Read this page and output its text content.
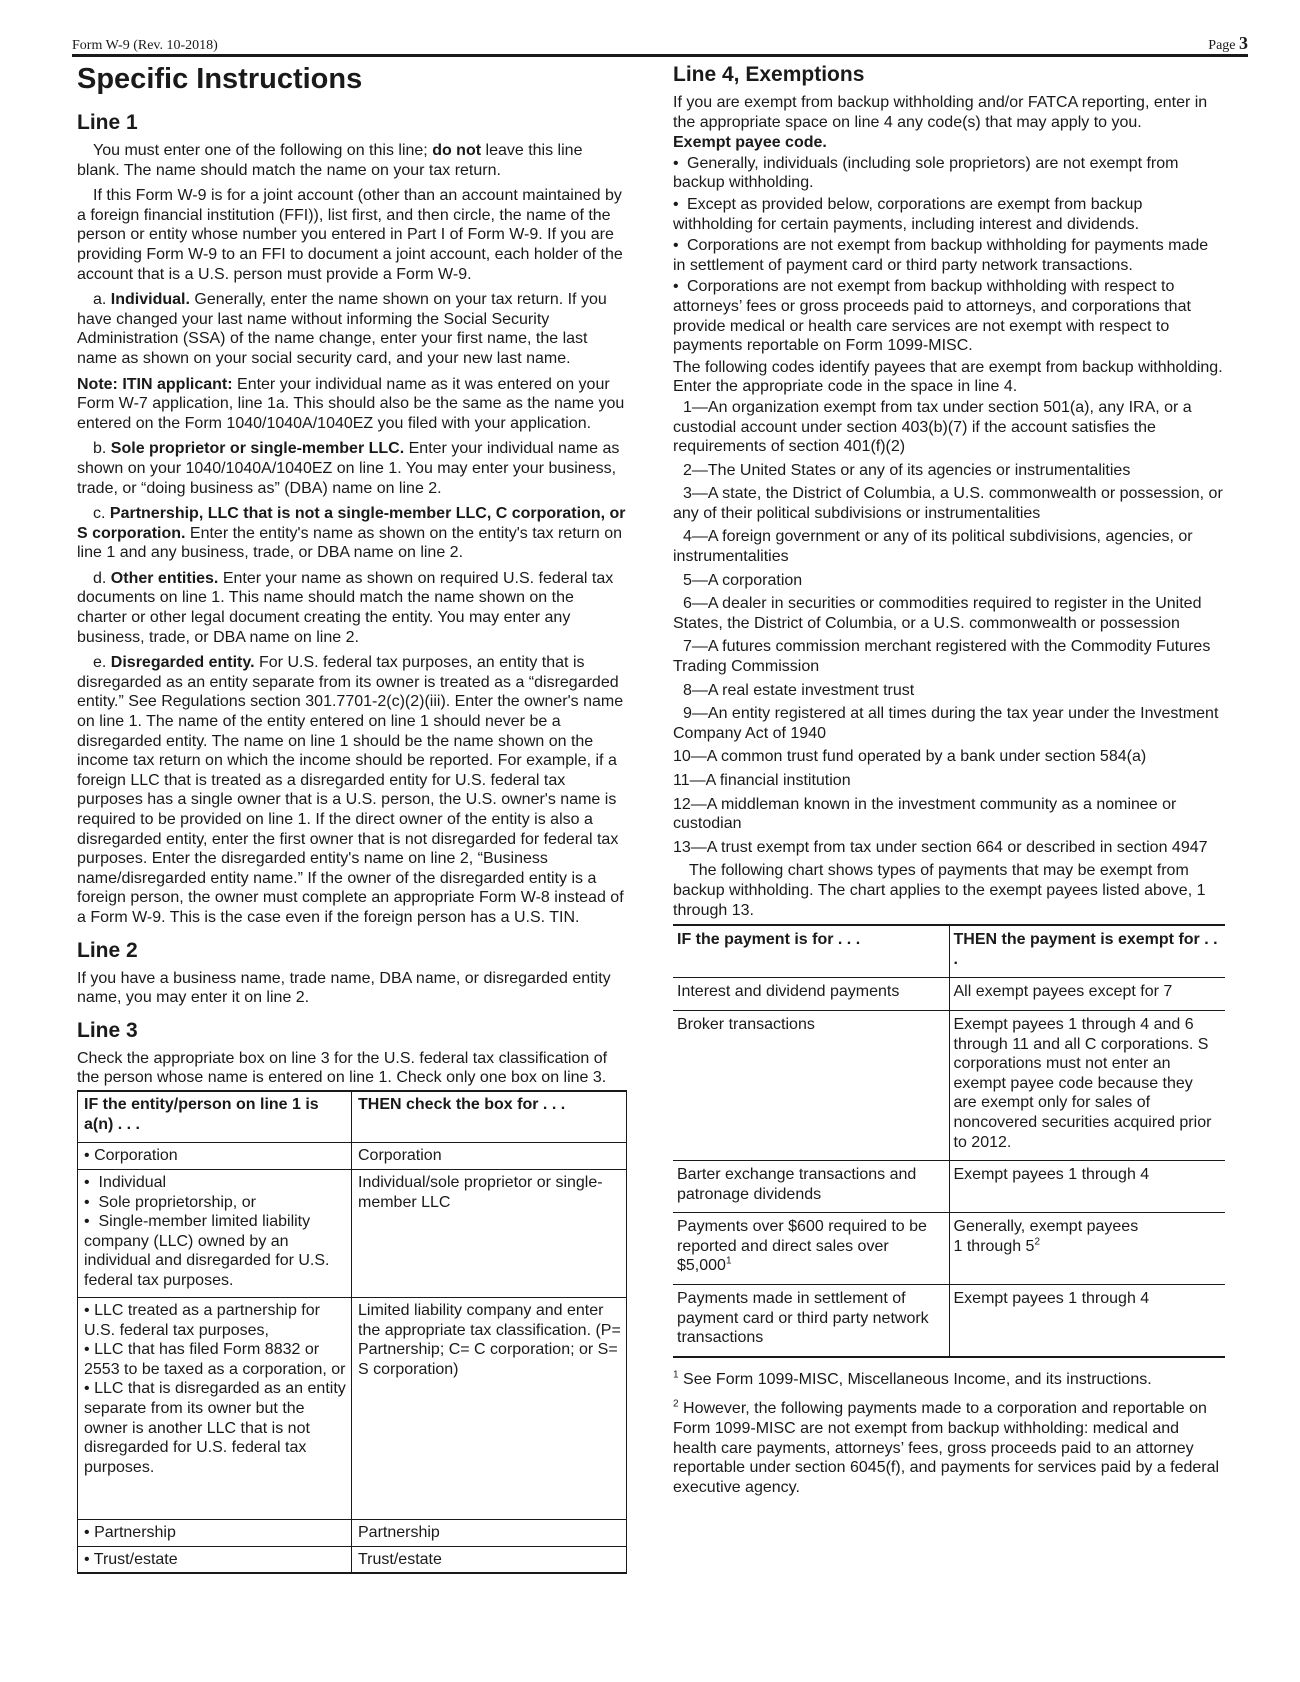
Form W-9 (Rev. 10-2018)	Page 3
Specific Instructions
Line 1

You must enter one of the following on this line; do not leave this line blank. The name should match the name on your tax return.

If this Form W-9 is for a joint account (other than an account maintained by a foreign financial institution (FFI)), list first, and then circle, the name of the person or entity whose number you entered in Part I of Form W-9. If you are providing Form W-9 to an FFI to document a joint account, each holder of the account that is a U.S. person must provide a Form W-9.

a. Individual. Generally, enter the name shown on your tax return. If you have changed your last name without informing the Social Security Administration (SSA) of the name change, enter your first name, the last name as shown on your social security card, and your new last name.

Note: ITIN applicant: Enter your individual name as it was entered on your Form W-7 application, line 1a. This should also be the same as the name you entered on the Form 1040/1040A/1040EZ you filed with your application.

b. Sole proprietor or single-member LLC. Enter your individual name as shown on your 1040/1040A/1040EZ on line 1. You may enter your business, trade, or “doing business as” (DBA) name on line 2.

c. Partnership, LLC that is not a single-member LLC, C corporation, or S corporation. Enter the entity's name as shown on the entity's tax return on line 1 and any business, trade, or DBA name on line 2.

d. Other entities. Enter your name as shown on required U.S. federal tax documents on line 1. This name should match the name shown on the charter or other legal document creating the entity. You may enter any business, trade, or DBA name on line 2.

e. Disregarded entity. For U.S. federal tax purposes, an entity that is disregarded as an entity separate from its owner is treated as a “disregarded entity.” See Regulations section 301.7701-2(c)(2)(iii). Enter the owner's name on line 1. The name of the entity entered on line 1 should never be a disregarded entity. The name on line 1 should be the name shown on the income tax return on which the income should be reported. For example, if a foreign LLC that is treated as a disregarded entity for U.S. federal tax purposes has a single owner that is a U.S. person, the U.S. owner's name is required to be provided on line 1. If the direct owner of the entity is also a disregarded entity, enter the first owner that is not disregarded for federal tax purposes. Enter the disregarded entity's name on line 2, “Business name/disregarded entity name.” If the owner of the disregarded entity is a foreign person, the owner must complete an appropriate Form W-8 instead of a Form W-9. This is the case even if the foreign person has a U.S. TIN.

Line 2

If you have a business name, trade name, DBA name, or disregarded entity name, you may enter it on line 2.

Line 3

Check the appropriate box on line 3 for the U.S. federal tax classification of the person whose name is entered on line 1. Check only one box on line 3.

IF the entity/person on line 1 is a(n) . . .	THEN check the box for . . .
• Corporation	Corporation

• Individual
• Sole proprietorship, or
• Single-member limited liability company (LLC) owned by an individual and disregarded for U.S. federal tax purposes.	Individual/sole proprietor or single-member LLC

• LLC treated as a partnership for U.S. federal tax purposes,
• LLC that has filed Form 8832 or 2553 to be taxed as a corporation, or
• LLC that is disregarded as an entity separate from its owner but the owner is another LLC that is not disregarded for U.S. federal tax purposes.	Limited liability company and enter the appropriate tax classification. (P= Partnership; C= C corporation; or S= S corporation)
• Partnership	Partnership
• Trust/estate	Trust/estate
Line 4, Exemptions

If you are exempt from backup withholding and/or FATCA reporting, enter in the appropriate space on line 4 any code(s) that may apply to you.

Exempt payee code.

• Generally, individuals (including sole proprietors) are not exempt from backup withholding.
• Except as provided below, corporations are exempt from backup withholding for certain payments, including interest and dividends.
• Corporations are not exempt from backup withholding for payments made in settlement of payment card or third party network transactions.
• Corporations are not exempt from backup withholding with respect to attorneys’ fees or gross proceeds paid to attorneys, and corporations that provide medical or health care services are not exempt with respect to payments reportable on Form 1099-MISC.

The following codes identify payees that are exempt from backup withholding. Enter the appropriate code in the space in line 4.

1—An organization exempt from tax under section 501(a), any IRA, or a custodial account under section 403(b)(7) if the account satisfies the requirements of section 401(f)(2)

2—The United States or any of its agencies or instrumentalities

3—A state, the District of Columbia, a U.S. commonwealth or possession, or any of their political subdivisions or instrumentalities

4—A foreign government or any of its political subdivisions, agencies, or instrumentalities

5—A corporation

6—A dealer in securities or commodities required to register in the United States, the District of Columbia, or a U.S. commonwealth or possession

7—A futures commission merchant registered with the Commodity Futures Trading Commission

8—A real estate investment trust

9—An entity registered at all times during the tax year under the Investment Company Act of 1940

10—A common trust fund operated by a bank under section 584(a)

11—A financial institution

12—A middleman known in the investment community as a nominee or custodian

13—A trust exempt from tax under section 664 or described in section 4947

The following chart shows types of payments that may be exempt from backup withholding. The chart applies to the exempt payees listed above, 1 through 13.

IF the payment is for . . .	THEN the payment is exempt for . . .
Interest and dividend payments	All exempt payees except for 7
Broker transactions	Exempt payees 1 through 4 and 6 through 11 and all C corporations. S corporations must not enter an exempt payee code because they are exempt only for sales of noncovered securities acquired prior to 2012.
Barter exchange transactions and patronage dividends	Exempt payees 1 through 4
Payments over $600 required to be reported and direct sales over $5,000$^1$	Generally, exempt payees
1 through $5^2$

Payments made in settlement of payment card or third party network transactions	Exempt payees 1 through 4

$^1$ See Form 1099-MISC, Miscellaneous Income, and its instructions.

$^2$ However, the following payments made to a corporation and reportable on Form 1099-MISC are not exempt from backup withholding: medical and health care payments, attorneys’ fees, gross proceeds paid to an attorney reportable under section 6045(f), and payments for services paid by a federal executive agency.
